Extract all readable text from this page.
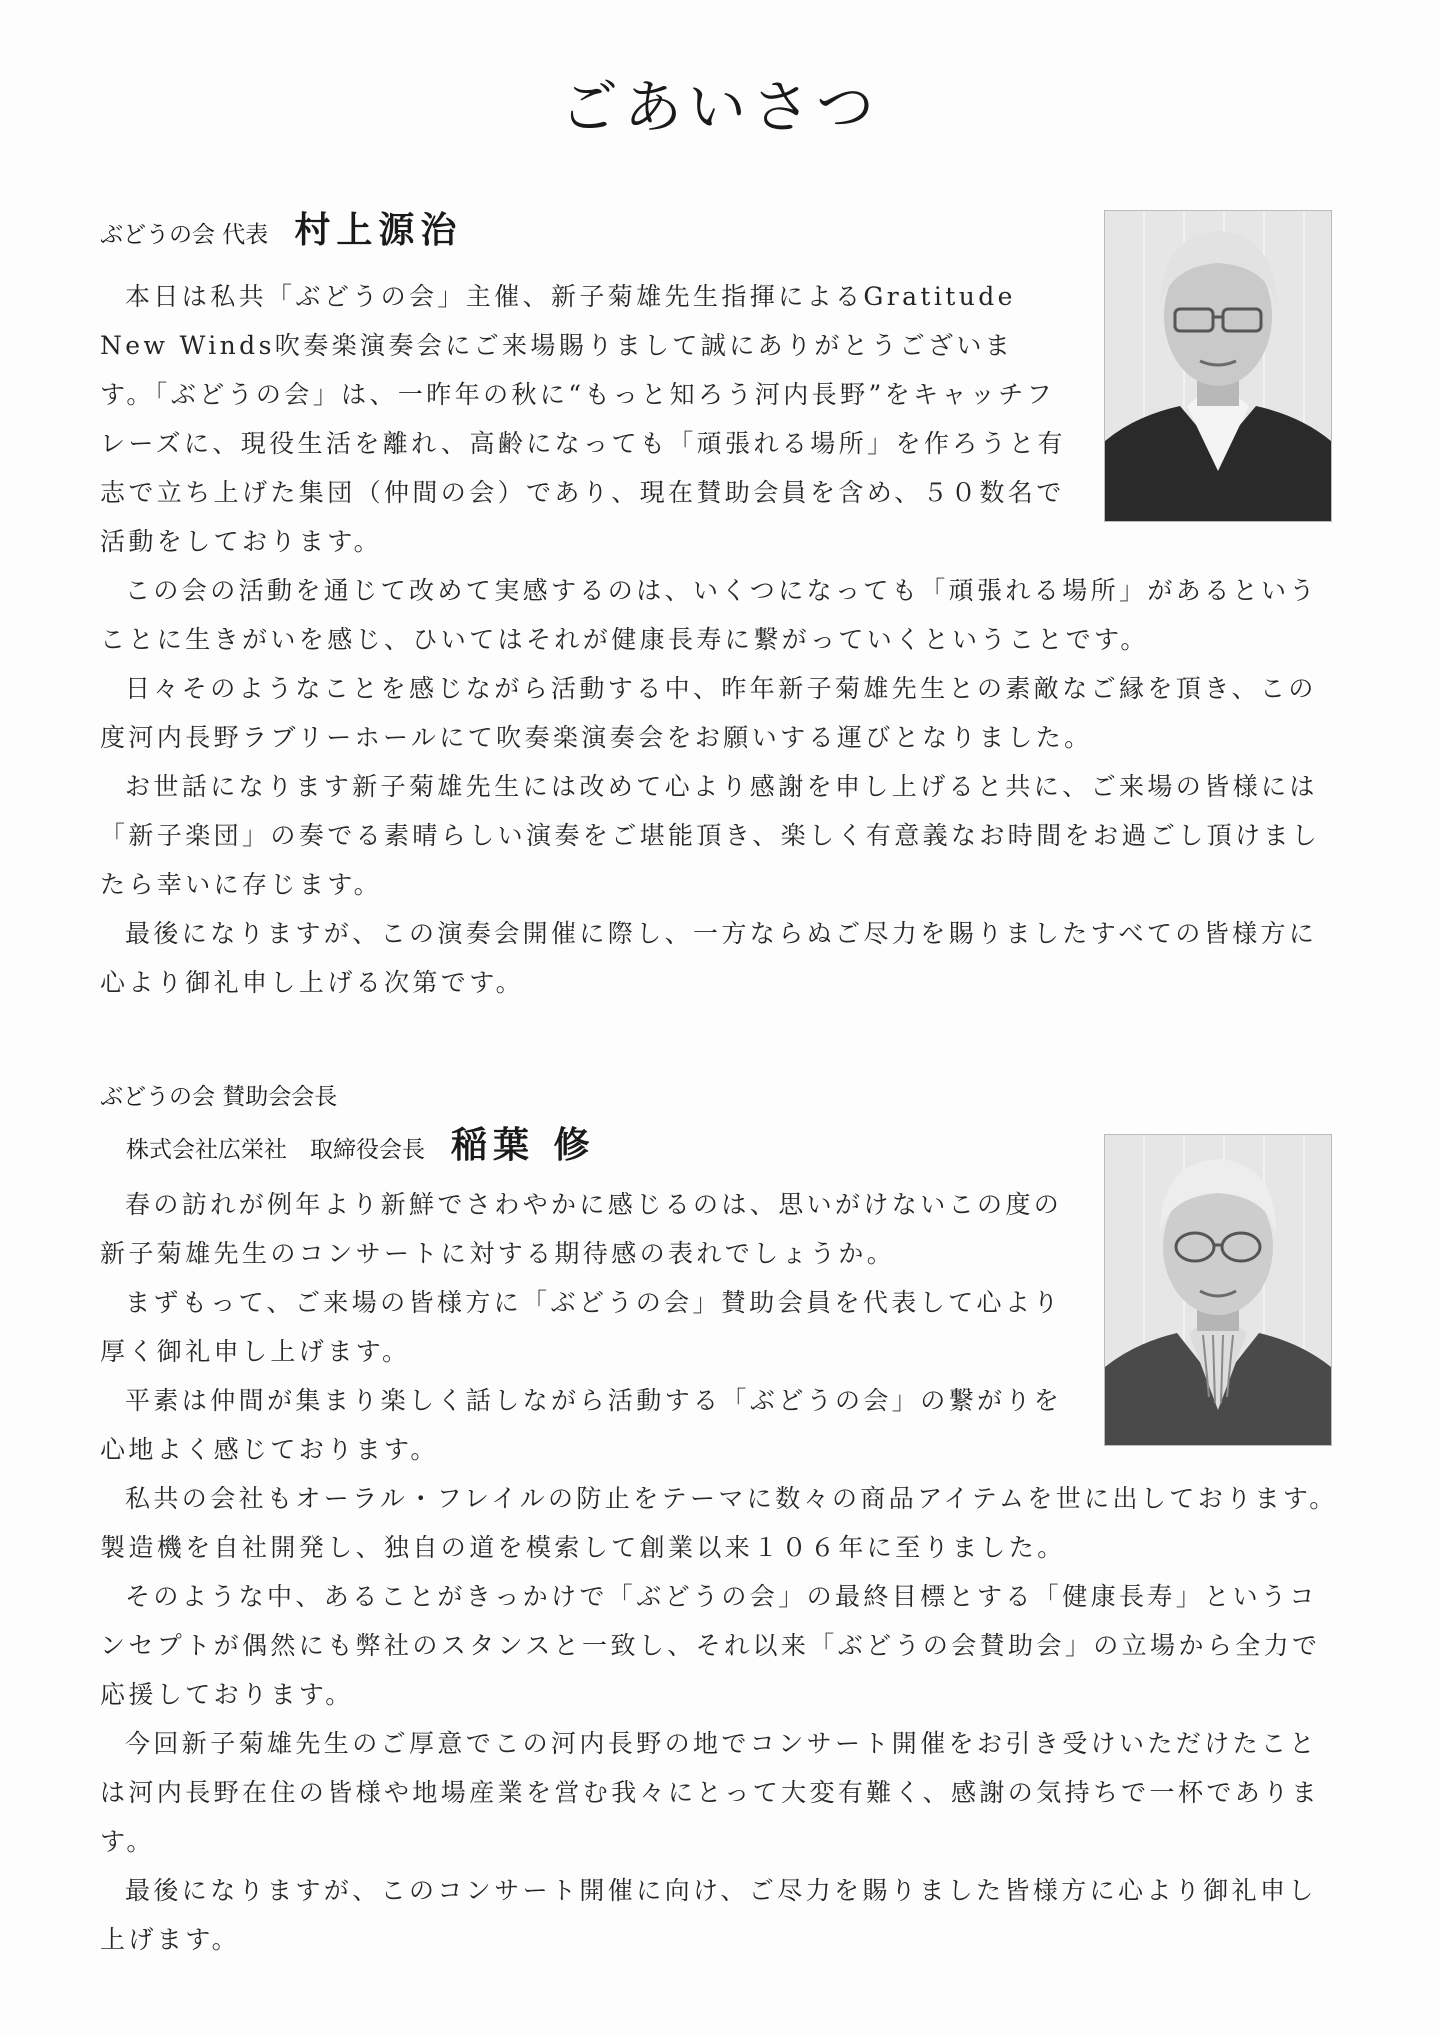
ごあいさつ
ぶどうの会 代表 村上源治

本日は私共「ぶどうの会」主催、新子菊雄先生指揮によるGratitude New Winds吹奏楽演奏会にご来場賜りまして誠にありがとうございます。「ぶどうの会」は、一昨年の秋に“もっと知ろう河内長野”をキャッチフレーズに、現役生活を離れ、高齢になっても「頑張れる場所」を作ろうと有志で立ち上げた集団（仲間の会）であり、現在賛助会員を含め、５０数名で活動をしております。

この会の活動を通じて改めて実感するのは、いくつになっても「頑張れる場所」があるということに生きがいを感じ、ひいてはそれが健康長寿に繋がっていくということです。

日々そのようなことを感じながら活動する中、昨年新子菊雄先生との素敵なご縁を頂き、この度河内長野ラブリーホールにて吹奏楽演奏会をお願いする運びとなりました。

お世話になります新子菊雄先生には改めて心より感謝を申し上げると共に、ご来場の皆様には「新子楽団」の奏でる素晴らしい演奏をご堪能頂き、楽しく有意義なお時間をお過ごし頂けましたら幸いに存じます。

最後になりますが、この演奏会開催に際し、一方ならぬご尽力を賜りましたすべての皆様方に心より御礼申し上げる次第です。

ぶどうの会 賛助会会長
株式会社広栄社　取締役会長 稲葉 修

春の訪れが例年より新鮮でさわやかに感じるのは、思いがけないこの度の新子菊雄先生のコンサートに対する期待感の表れでしょうか。

まずもって、ご来場の皆様方に「ぶどうの会」賛助会員を代表して心より厚く御礼申し上げます。

平素は仲間が集まり楽しく話しながら活動する「ぶどうの会」の繋がりを心地よく感じております。

私共の会社もオーラル・フレイルの防止をテーマに数々の商品アイテムを世に出しております。製造機を自社開発し、独自の道を模索して創業以来１０６年に至りました。

そのような中、あることがきっかけで「ぶどうの会」の最終目標とする「健康長寿」というコンセプトが偶然にも弊社のスタンスと一致し、それ以来「ぶどうの会賛助会」の立場から全力で応援しております。

今回新子菊雄先生のご厚意でこの河内長野の地でコンサート開催をお引き受けいただけたことは河内長野在住の皆様や地場産業を営む我々にとって大変有難く、感謝の気持ちで一杯であります。

最後になりますが、このコンサート開催に向け、ご尽力を賜りました皆様方に心より御礼申し上げます。
